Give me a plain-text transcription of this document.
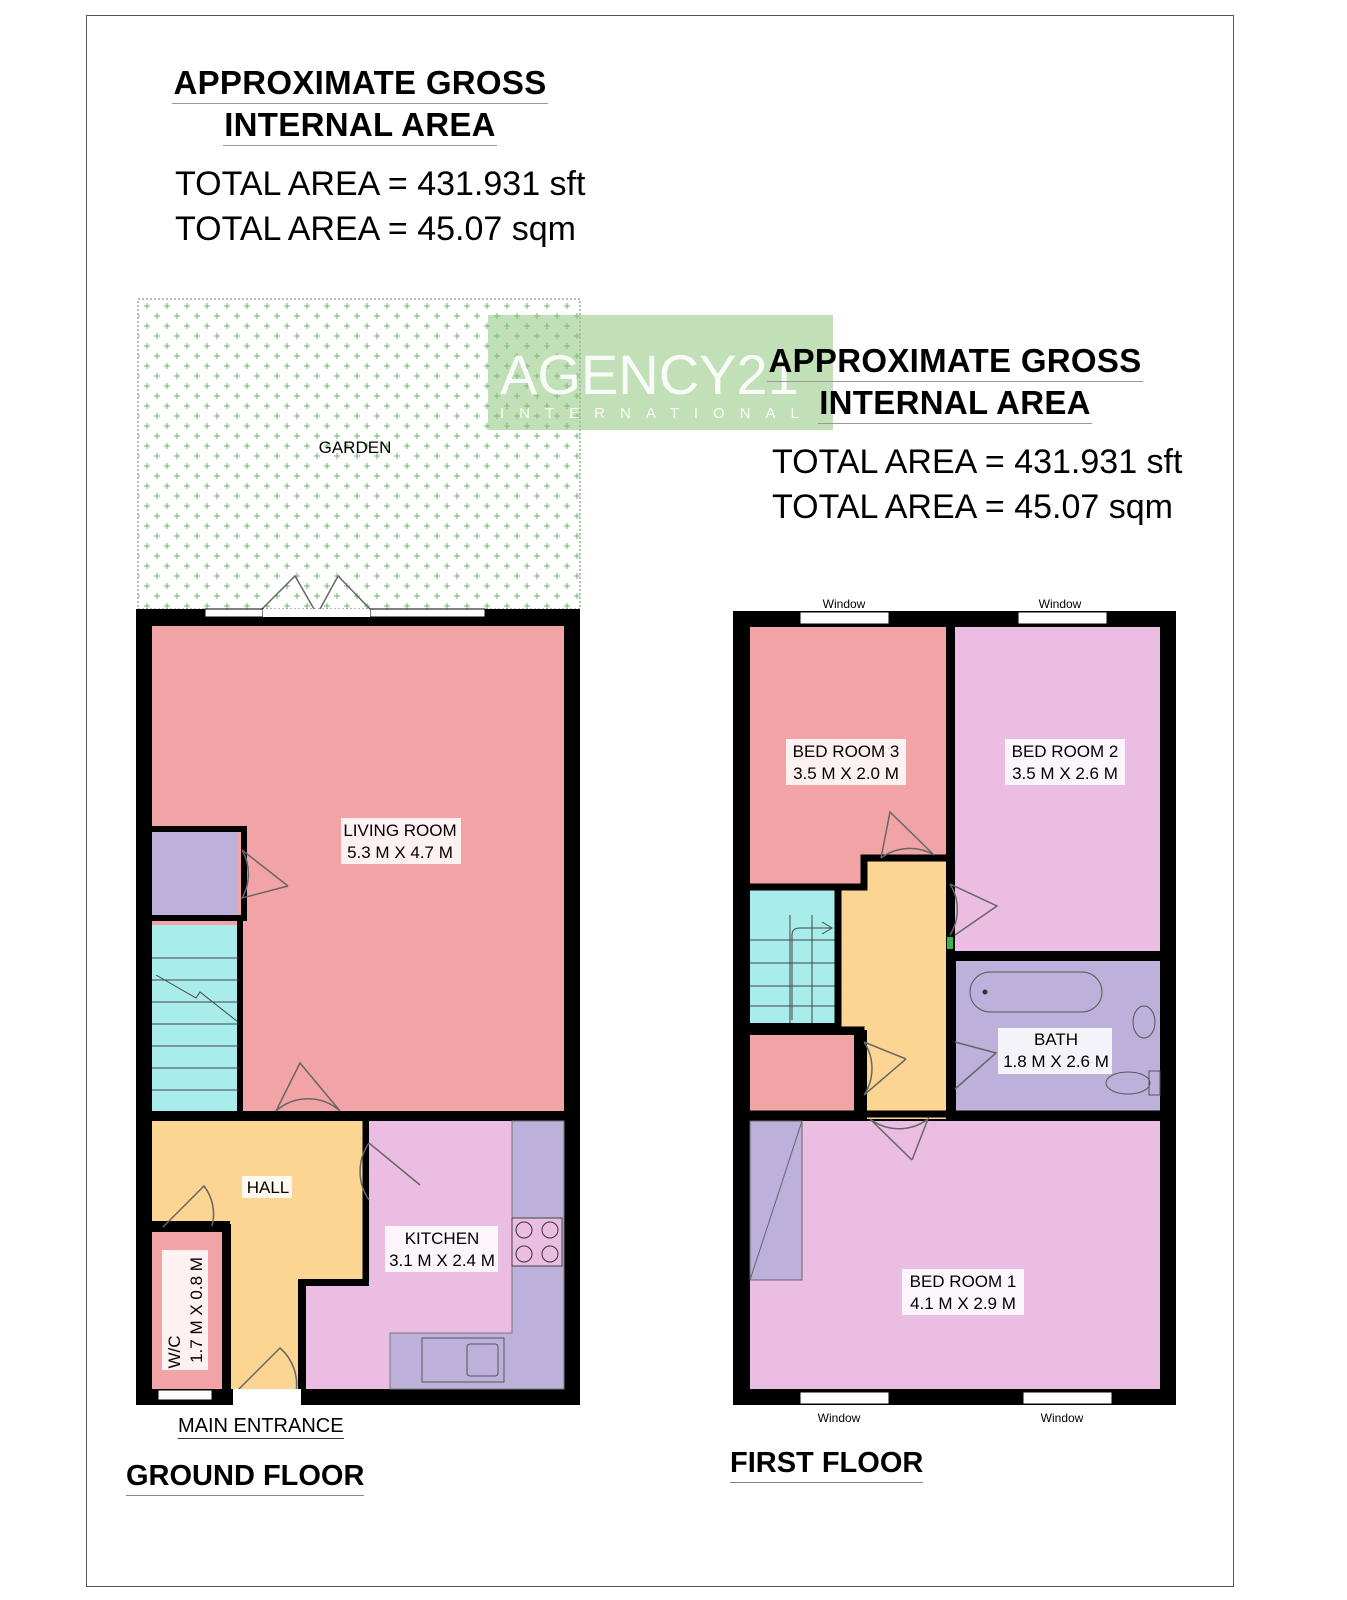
APPROXIMATE GROSS
INTERNAL AREA
TOTAL AREA = 431.931 sft
TOTAL AREA = 45.07 sqm
AGENCY21
INTERNATIONAL
GARDEN
LIVING ROOM
5.3 M X 4.7 M
HALL
KITCHEN
3.1 M X 2.4 M
W/C 1.7 M X 0.8 M
BED ROOM 3
3.5 M X 2.0 M
BED ROOM 2
3.5 M X 2.6 M
BATH
1.8 M X 2.6 M
BED ROOM 1
4.1 M X 2.9 M
Window	Window
Window	Window
APPROXIMATE GROSS
INTERNAL AREA
TOTAL AREA = 431.931 sft
TOTAL AREA = 45.07 sqm
MAIN ENTRANCE
GROUND FLOOR	FIRST FLOOR
